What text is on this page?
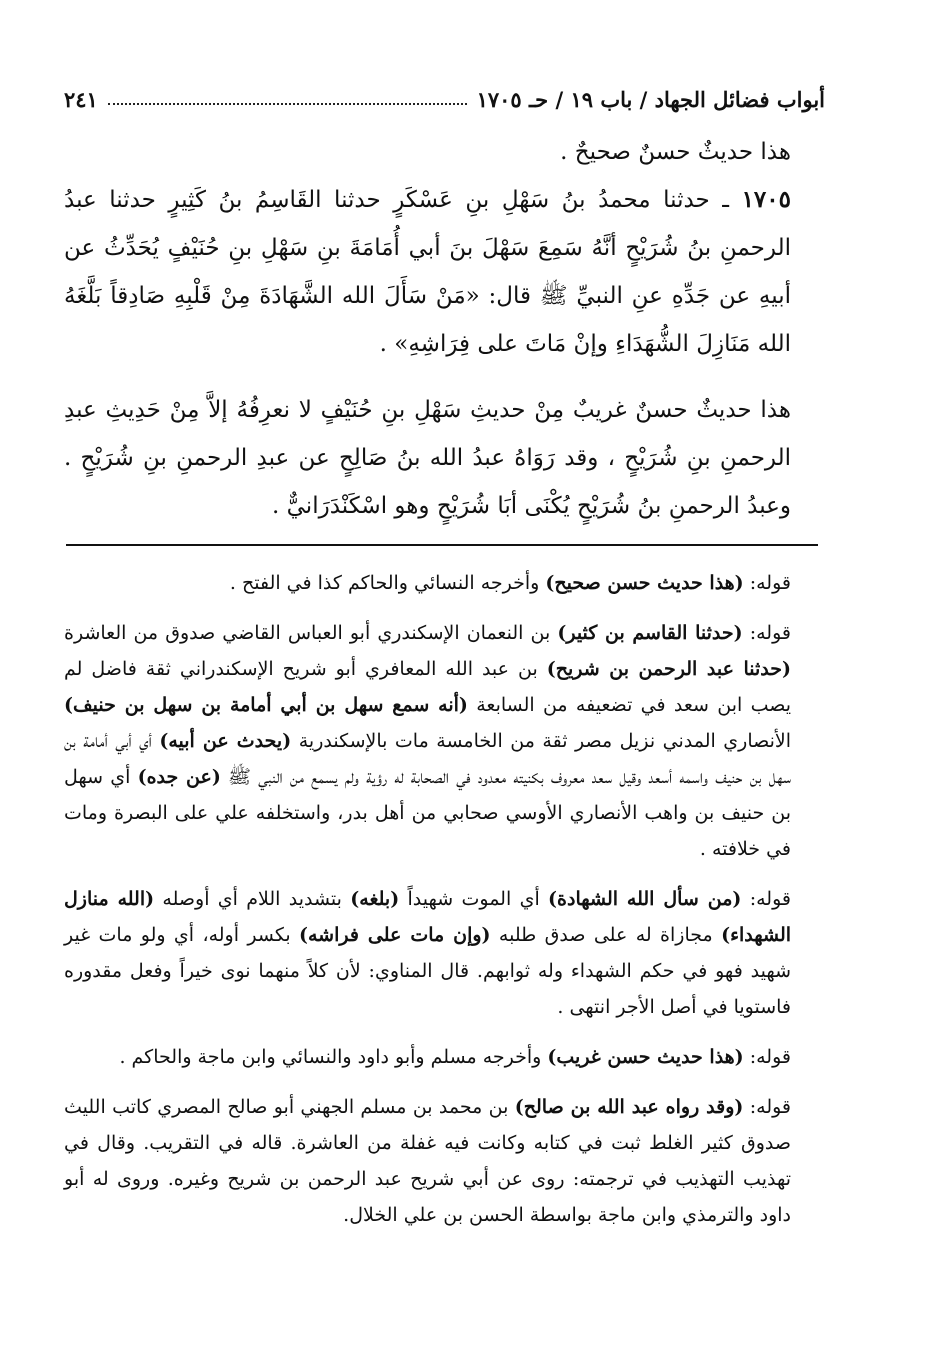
أبواب فضائل الجهاد / باب ١٩ / حـ ١٧٠٥
٢٤١

هذا حديثٌ حسنٌ صحيحٌ .

١٧٠٥ ـ حدثنا محمدُ بنُ سَهْلِ بنِ عَسْكَرٍ حدثنا القَاسِمُ بنُ كَثِيرٍ حدثنا عبدُ الرحمنِ بنُ شُرَيْحٍ أنَّهُ سَمِعَ سَهْلَ بنَ أبي أُمَامَةَ بنِ سَهْلِ بنِ حُنَيْفٍ يُحَدِّثُ عن أبيهِ عن جَدِّهِ عنِ النبيِّ ﷺ قال: «مَنْ سَأَلَ الله الشَّهَادَةَ مِنْ قَلْبِهِ صَادِقاً بَلَّغَهُ الله مَنَازِلَ الشُّهَدَاءِ وإنْ مَاتَ على فِرَاشِهِ» .

هذا حديثٌ حسنٌ غريبٌ مِنْ حديثِ سَهْلِ بنِ حُنَيْفٍ لا نعرِفُهُ إلاَّ مِنْ حَدِيثِ عبدِ الرحمنِ بنِ شُرَيْحٍ ، وقد رَوَاهُ عبدُ الله بنُ صَالِحٍ عن عبدِ الرحمنِ بنِ شُرَيْحٍ . وعبدُ الرحمنِ بنُ شُرَيْحٍ يُكْنَى أبَا شُرَيْحٍ وهو اسْكَنْدَرَانيٌّ .

قوله: (هذا حديث حسن صحيح) وأخرجه النسائي والحاكم كذا في الفتح .

قوله: (حدثنا القاسم بن كثير) بن النعمان الإسكندري أبو العباس القاضي صدوق من العاشرة (حدثنا عبد الرحمن بن شريح) بن عبد الله المعافري أبو شريح الإسكندراني ثقة فاضل لم يصب ابن سعد في تضعيفه من السابعة (أنه سمع سهل بن أبي أمامة بن سهل بن حنيف) الأنصاري المدني نزيل مصر ثقة من الخامسة مات بالإسكندرية (يحدث عن أبيه) أي أبي أمامة بن سهل بن حنيف واسمه أسعد وقيل سعد معروف بكنيته معدود في الصحابة له رؤية ولم يسمع من النبي ﷺ (عن جده) أي سهل بن حنيف بن واهب الأنصاري الأوسي صحابي من أهل بدر، واستخلفه علي على البصرة ومات في خلافته .

قوله: (من سأل الله الشهادة) أي الموت شهيداً (بلغه) بتشديد اللام أي أوصله (الله منازل الشهداء) مجازاة له على صدق طلبه (وإن مات على فراشه) بكسر أوله، أي ولو مات غير شهيد فهو في حكم الشهداء وله ثوابهم. قال المناوي: لأن كلاً منهما نوى خيراً وفعل مقدوره فاستويا في أصل الأجر انتهى .

قوله: (هذا حديث حسن غريب) وأخرجه مسلم وأبو داود والنسائي وابن ماجة والحاكم .

قوله: (وقد رواه عبد الله بن صالح) بن محمد بن مسلم الجهني أبو صالح المصري كاتب الليث صدوق كثير الغلط ثبت في كتابه وكانت فيه غفلة من العاشرة. قاله في التقريب. وقال في تهذيب التهذيب في ترجمته: روى عن أبي شريح عبد الرحمن بن شريح وغيره. وروى له أبو داود والترمذي وابن ماجة بواسطة الحسن بن علي الخلال.
